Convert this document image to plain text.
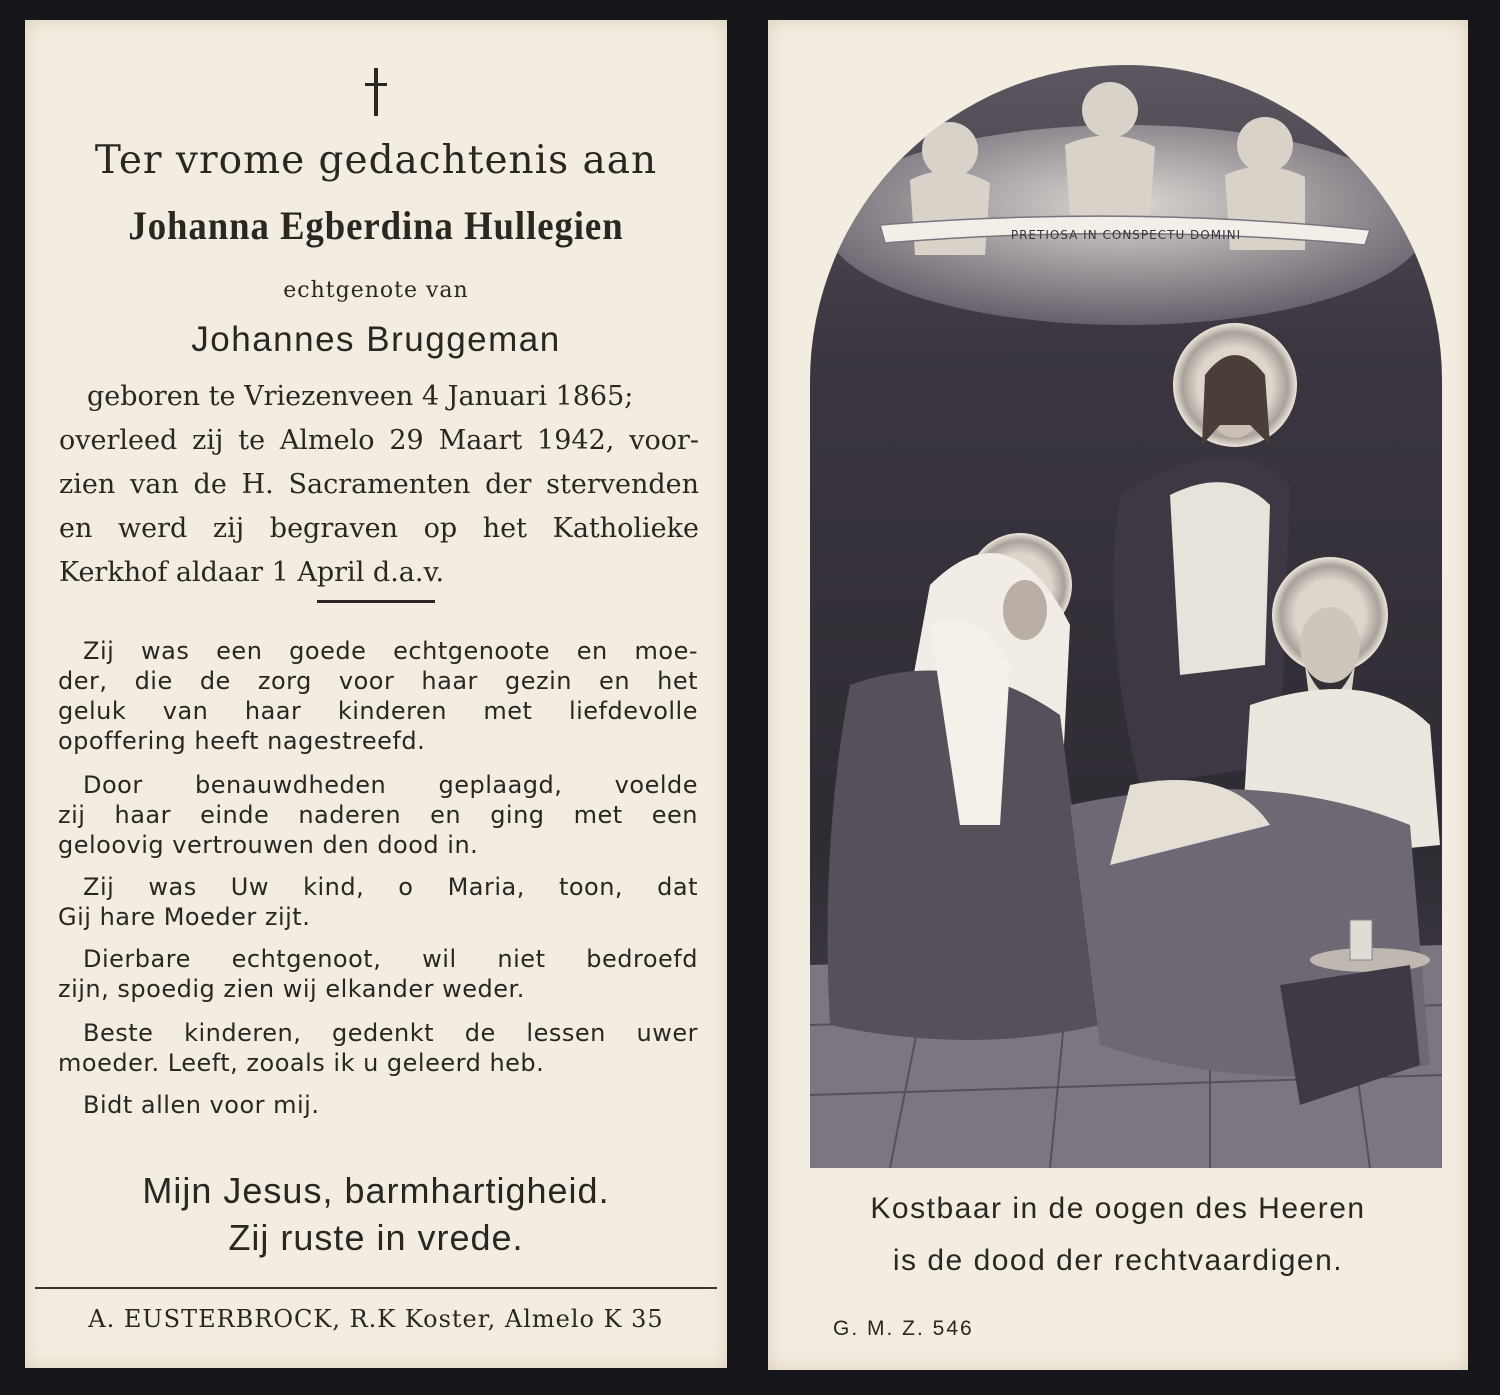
Ter vrome gedachtenis aan
Johanna Egberdina Hullegien
echtgenote van
Johannes Bruggeman
geboren te Vriezenveen 4 Januari 1865;
overleed zij te Almelo 29 Maart 1942, voor-
zien van de H. Sacramenten der stervenden
en werd zij begraven op het Katholieke
Kerkhof aldaar 1 April d.a.v.
Zij was een goede echtgenoote en moe-
der, die de zorg voor haar gezin en het
geluk van haar kinderen met liefdevolle
opoffering heeft nagestreefd.
Door benauwdheden geplaagd, voelde
zij haar einde naderen en ging met een
geloovig vertrouwen den dood in.
Zij was Uw kind, o Maria, toon, dat
Gij hare Moeder zijt.
Dierbare echtgenoot, wil niet bedroefd
zijn, spoedig zien wij elkander weder.
Beste kinderen, gedenkt de lessen uwer
moeder. Leeft, zooals ik u geleerd heb.
Bidt allen voor mij.
Mijn Jesus, barmhartigheid.
Zij ruste in vrede.
A. EUSTERBROCK, R.K Koster, Almelo K 35
PRETIOSA IN CONSPECTU DOMINI
Kostbaar in de oogen des Heeren
is de dood der rechtvaardigen.
G. M. Z. 546
